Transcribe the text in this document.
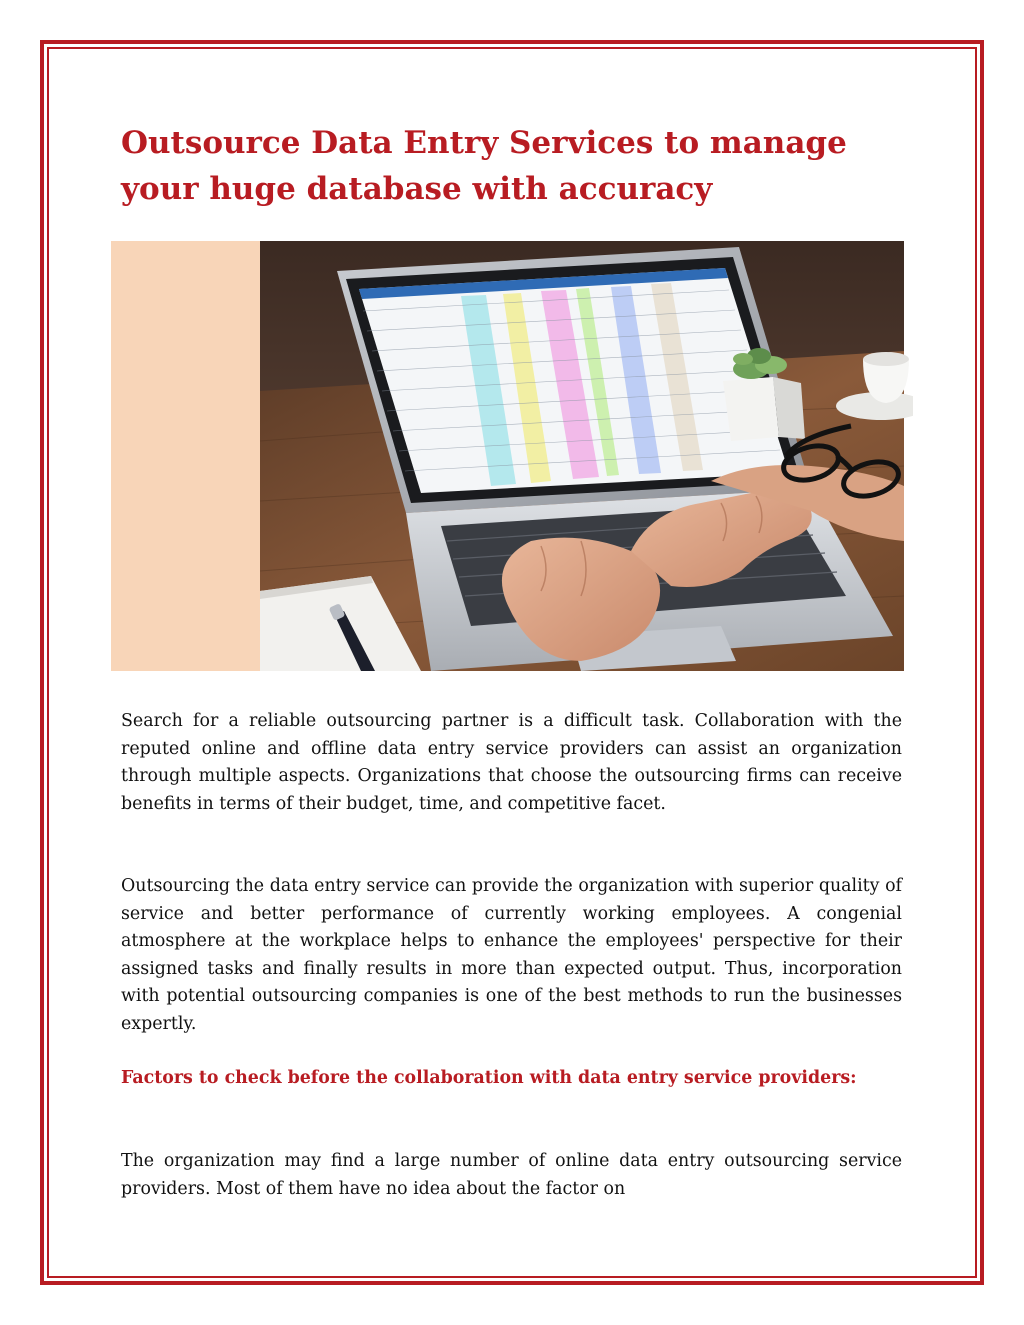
Outsource Data Entry Services to manage your huge database with accuracy

Search for a reliable outsourcing partner is a difficult task. Collaboration with the reputed online and offline data entry service providers can assist an organization through multiple aspects. Organizations that choose the outsourcing firms can receive benefits in terms of their budget, time, and competitive facet.

Outsourcing the data entry service can provide the organization with superior quality of service and better performance of currently working employees. A congenial atmosphere at the workplace helps to enhance the employees' perspective for their assigned tasks and finally results in more than expected output. Thus, incorporation with potential outsourcing companies is one of the best methods to run the businesses expertly.

Factors to check before the collaboration with data entry service providers:

The organization may find a large number of online data entry outsourcing service providers. Most of them have no idea about the factor on
